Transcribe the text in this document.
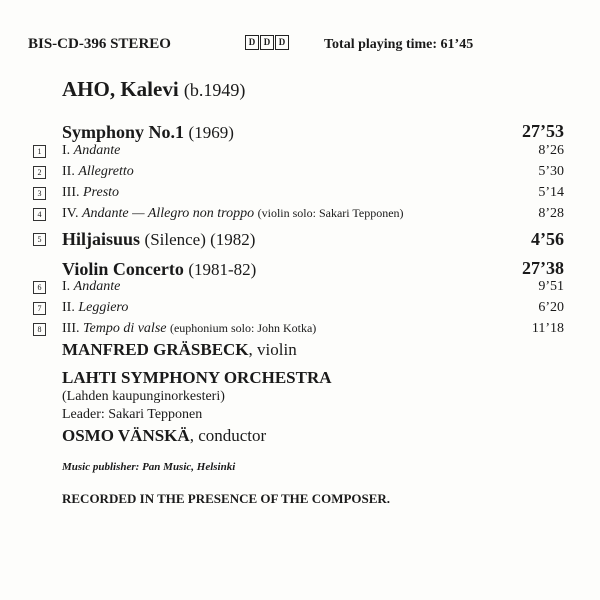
BIS-CD-396 STEREO	D D D	Total playing time: 61’45
AHO, Kalevi (b.1949)
Symphony No.1 (1969)	27’53
1	I. Andante	8’26
2	II. Allegretto	5’30
3	III. Presto	5’14
4	IV. Andante — Allegro non troppo (violin solo: Sakari Tepponen)	8’28
5 Hiljaisuus (Silence) (1982)	4’56
Violin Concerto (1981-82)	27’38
6	I. Andante	9’51
7	II. Leggiero	6’20
8	III. Tempo di valse (euphonium solo: John Kotka)	11’18
MANFRED GRÄSBECK, violin
LAHTI SYMPHONY ORCHESTRA
(Lahden kaupunginorkesteri)
Leader: Sakari Tepponen
OSMO VÄNSKÄ, conductor
Music publisher: Pan Music, Helsinki
RECORDED IN THE PRESENCE OF THE COMPOSER.
